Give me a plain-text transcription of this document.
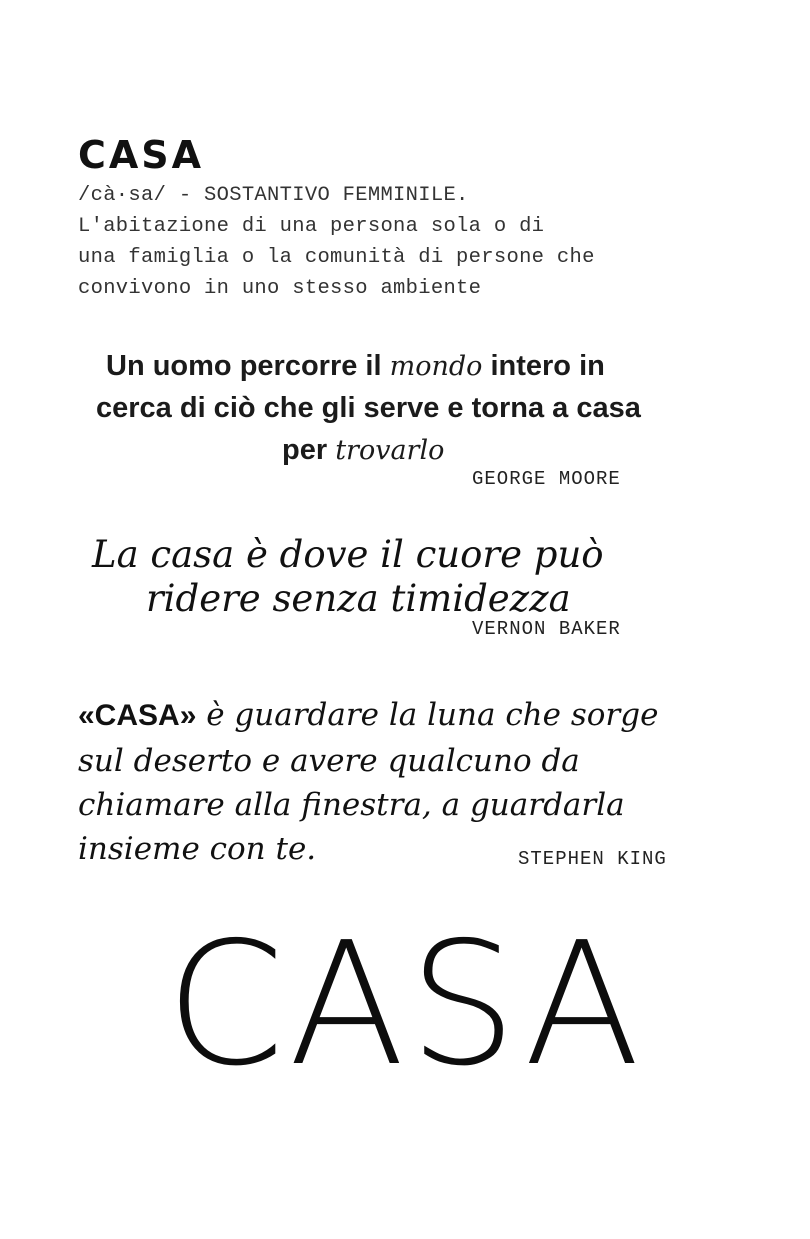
CASA
/cà·sa/ - SOSTANTIVO FEMMINILE.
L'abitazione di una persona sola o di
una famiglia o la comunità di persone che
convivono in uno stesso ambiente
Un uomo percorre il mondo intero in
cerca di ciò che gli serve e torna a casa
per trovarlo
GEORGE MOORE
La casa è dove il cuore può
ridere senza timidezza
VERNON BAKER
«CASA» è guardare la luna che sorge
sul deserto e avere qualcuno da
chiamare alla finestra, a guardarla
insieme con te.	STEPHEN KING
CASA
